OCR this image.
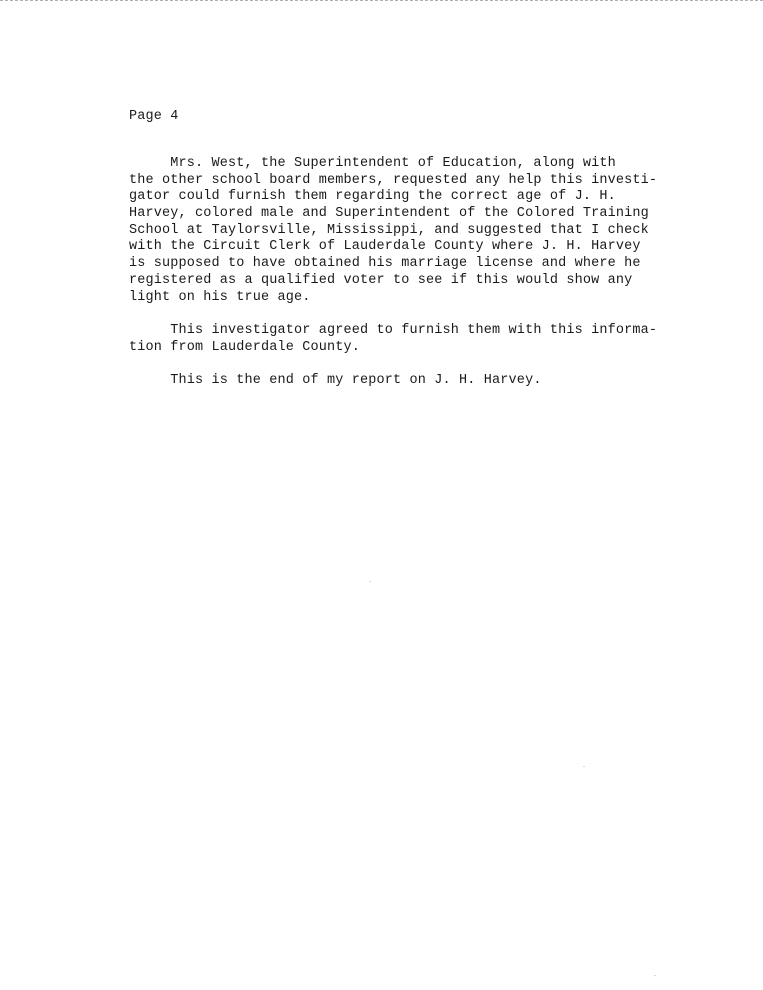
Page 4
Mrs. West, the Superintendent of Education, along with
the other school board members, requested any help this investi-
gator could furnish them regarding the correct age of J. H.
Harvey, colored male and Superintendent of the Colored Training
School at Taylorsville, Mississippi, and suggested that I check
with the Circuit Clerk of Lauderdale County where J. H. Harvey
is supposed to have obtained his marriage license and where he
registered as a qualified voter to see if this would show any
light on his true age.
This investigator agreed to furnish them with this informa-
tion from Lauderdale County.
This is the end of my report on J. H. Harvey.
